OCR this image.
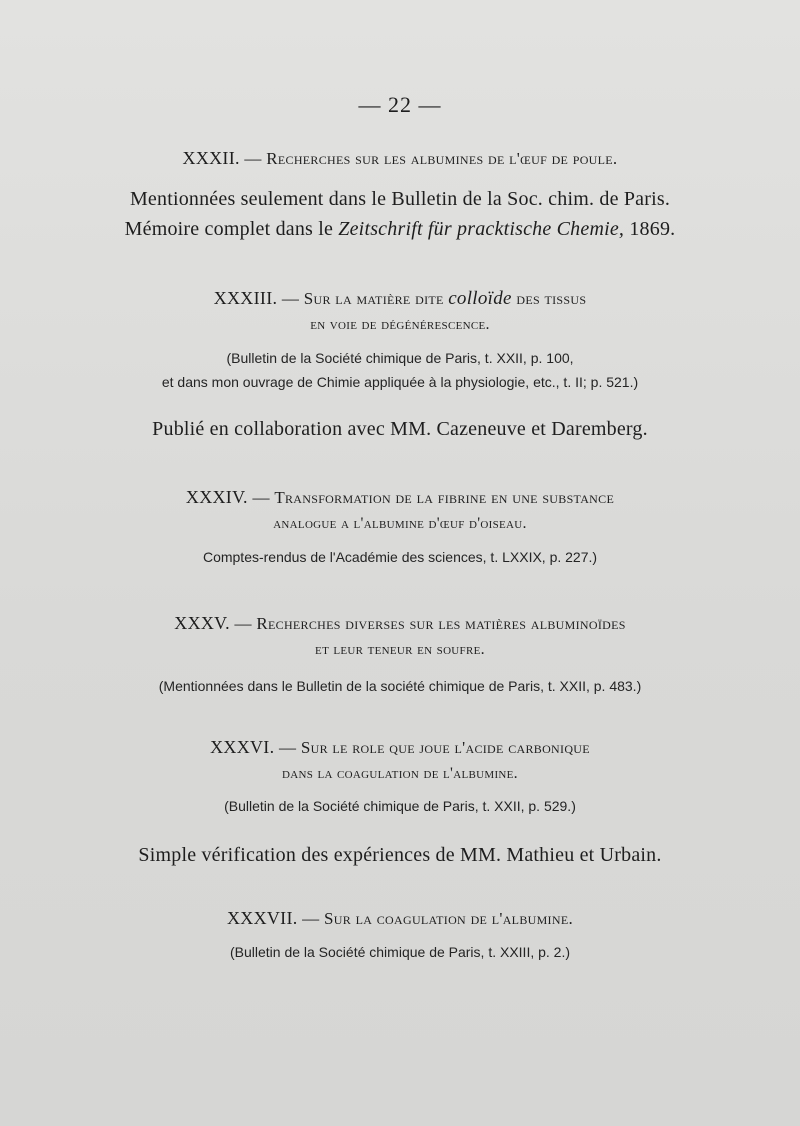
— 22 —
XXXII. — Recherches sur les albumines de l'œuf de poule.
Mentionnées seulement dans le Bulletin de la Soc. chim. de Paris.
Mémoire complet dans le Zeitschrift für pracktische Chemie, 1869.
XXXIII. — Sur la matière dite colloïde des tissus
en voie de dégénérescence.
(Bulletin de la Société chimique de Paris, t. XXII, p. 100,
et dans mon ouvrage de Chimie appliquée à la physiologie, etc., t. II; p. 521.)
Publié en collaboration avec MM. Cazeneuve et Daremberg.
XXXIV. — Transformation de la fibrine en une substance
analogue a l'albumine d'œuf d'oiseau.
Comptes-rendus de l'Académie des sciences, t. LXXIX, p. 227.)
XXXV. — Recherches diverses sur les matières albuminoïdes
et leur teneur en soufre.
(Mentionnées dans le Bulletin de la société chimique de Paris, t. XXII, p. 483.)
XXXVI. — Sur le role que joue l'acide carbonique
dans la coagulation de l'albumine.
(Bulletin de la Société chimique de Paris, t. XXII, p. 529.)
Simple vérification des expériences de MM. Mathieu et Urbain.
XXXVII. — Sur la coagulation de l'albumine.
(Bulletin de la Société chimique de Paris, t. XXIII, p. 2.)
